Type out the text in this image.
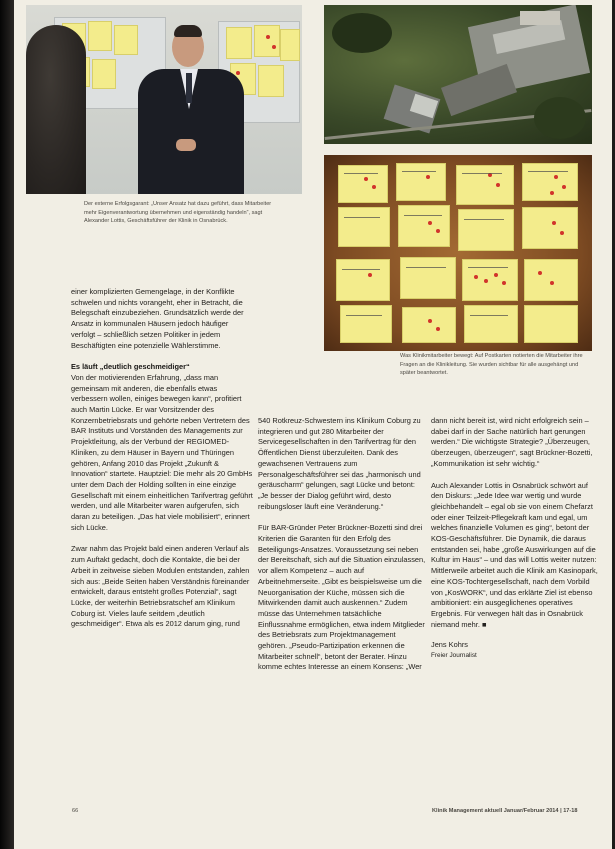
Der externe Erfolgsgarant: „Unser Ansatz hat dazu geführt, dass Mitarbeiter mehr Eigenverantwortung übernehmen und eigenständig handeln“, sagt Alexander Lottis, Geschäftsführer der Klinik in Osnabrück.
Was Klinikmitarbeiter bewegt: Auf Postkarten notierten die Mitarbeiter ihre Fragen an die Klinikleitung. Sie wurden sichtbar für alle ausgehängt und später beantwortet.

einer komplizierten Gemengelage, in der Konflikte schwelen und nichts vorangeht, eher in Betracht, die Belegschaft einzubeziehen. Grundsätzlich werde der Ansatz in kommunalen Häusern jedoch häufiger verfolgt – schließlich setzen Politiker in jedem Beschäftigten eine potenzielle Wählerstimme.

Es läuft „deutlich geschmeidiger“
Von der motivierenden Erfahrung, „dass man gemeinsam mit anderen, die ebenfalls etwas verbessern wollen, einiges bewegen kann“, profitiert auch Martin Lücke. Er war Vorsitzender des Konzernbetriebsrats und gehörte neben Vertretern des BAR Instituts und Vorständen des Managements zur Projektleitung, als der Verbund der REGIOMED-Kliniken, zu dem Häuser in Bayern und Thüringen gehören, Anfang 2010 das Projekt „Zukunft & Innovation“ startete. Hauptziel: Die mehr als 20 GmbHs unter dem Dach der Holding sollten in eine einzige Gesellschaft mit einem einheitlichen Tarifvertrag geführt werden, und alle Mitarbeiter waren aufgerufen, sich daran zu beteiligen. „Das hat viele mobilisiert“, erinnert sich Lücke.

Zwar nahm das Projekt bald einen anderen Verlauf als zum Auftakt gedacht, doch die Kontakte, die bei der Arbeit in zeitweise sieben Modulen entstanden, zahlen sich aus: „Beide Seiten haben Verständnis füreinander entwickelt, daraus entsteht großes Potenzial“, sagt Lücke, der weiterhin Betriebsratschef am Klinikum Coburg ist. Vieles laufe seitdem „deutlich geschmeidiger“. Etwa als es 2012 darum ging, rund

540 Rotkreuz-Schwestern ins Klinikum Coburg zu integrieren und gut 280 Mitarbeiter der Servicegesellschaften in den Tarifvertrag für den Öffentlichen Dienst überzuleiten. Dank des gewachsenen Vertrauens zum Personalgeschäftsführer sei das „harmonisch und geräuscharm“ gelungen, sagt Lücke und betont: „Je besser der Dialog geführt wird, desto reibungsloser läuft eine Veränderung.“

Für BAR-Gründer Peter Brückner-Bozetti sind drei Kriterien die Garanten für den Erfolg des Beteiligungs-Ansatzes. Voraussetzung sei neben der Bereitschaft, sich auf die Situation einzulassen, vor allem Kompetenz – auch auf Arbeitnehmerseite. „Gibt es beispielsweise um die Neuorganisation der Küche, müssen sich die Mitwirkenden damit auch auskennen.“ Zudem müsse das Unternehmen tatsächliche Einflussnahme ermöglichen, etwa indem Mitglieder des Betriebsrats zum Projektmanagement gehören. „Pseudo-Partizipation erkennen die Mitarbeiter schnell“, betont der Berater. Hinzu komme echtes Interesse an einem Konsens: „Wer

dann nicht bereit ist, wird nicht erfolgreich sein – dabei darf in der Sache natürlich hart gerungen werden.“ Die wichtigste Strategie? „Überzeugen, überzeugen, überzeugen“, sagt Brückner-Bozetti, „Kommunikation ist sehr wichtig.“

Auch Alexander Lottis in Osnabrück schwört auf den Diskurs: „Jede Idee war wertig und wurde gleichbehandelt – egal ob sie von einem Chefarzt oder einer Teilzeit-Pflegekraft kam und egal, um welches finanzielle Volumen es ging“, betont der KOS-Geschäftsführer. Die Dynamik, die daraus entstanden sei, habe „große Auswirkungen auf die Kultur im Haus“ – und das will Lottis weiter nutzen: Mittlerweile arbeitet auch die Klinik am Kasinopark, eine KOS-Tochtergesellschaft, nach dem Vorbild von „KosWORK“, und das erklärte Ziel ist ebenso ambitioniert: ein ausgeglichenes operatives Ergebnis. Für verwegen hält das in Osnabrück niemand mehr. ■

Jens Kohrs
Freier Journalist

66	Klinik Management aktuell Januar/Februar 2014 | 17-18
